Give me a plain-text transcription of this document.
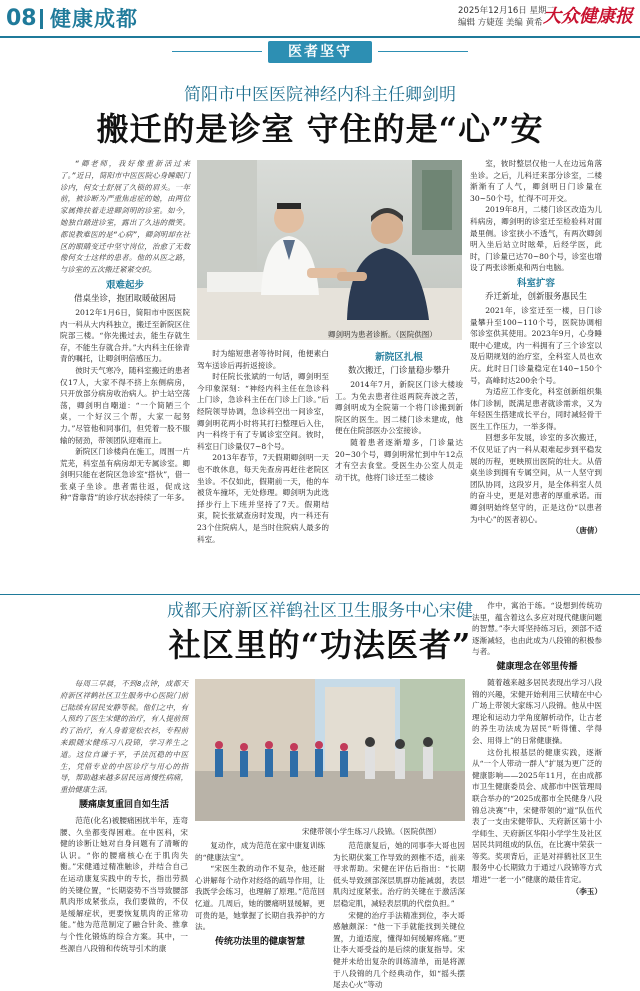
08 健康成都	2025年12月16日 星期二
编辑 方婕莲 美编 黄希 大众健康报
医者坚守
简阳市中医医院神经内科主任卿剑明
搬迁的是诊室 守住的是“心”安

“卿老师，我好像重新活过来了。”近日，简阳市中医医院心身睡眠门诊内，何女士舒展了久锁的眉头。一年前，被诊断为严重焦虑症的她，由两位家属搀扶着走进卿剑明的诊室。如今，她独自踏进诊室，露出了久违的微笑。都说教难医的是“心病”，卿剑明却在社区的眼睛变迁中坚守岗位，治愈了无数像何女士这样的患者。他的从医之路，与诊室的五次搬迁紧紧交织。

艰难起步

借桌坐诊，抱团取暖破困局

2012年1月6日，简阳市中医医院内一科从大内科独立，搬迁至新院区住院部三楼。“你先搬过去，能生存就生存，不能生存就合并。”大内科主任徐青青的嘱托，让卿剑明倍感压力。

彼时天气寒冷，随科室搬迁的患者仅17人，大家不得不挤上东侧病房，只开放部分病房收治病人。护士站空荡荡，卿剑明自嘲道：“一个简陋三个桌，一个好汉三个帮，大家一起努力。”尽管他和同事们，但凭着一股不服输的韧劲，带领团队迎难而上。

新院区门诊楼尚在施工，周围一片荒芜，科室虽有病房却无专属诊室。卿剑明只能在老院区急诊室“搭伙”，借一张桌子坐诊。患者需往返，促成这种“背靠背”的诊疗状态持续了一年多。

卿剑明为患者诊断。（医院供图）

时为缩短患者等待时间，他便素白驾车送诊后再折返接诊。

时任院长张斌的一句话，卿剑明至今印象深刻：“神经内科主任在急诊科上门诊，急诊科主任在门诊上门诊。”后经院领导协调，急诊科空出一间诊室，卿剑明花两小时将其打扫整理后入住，内一科终于有了专属诊室空间。彼时，科室日门诊量仅7~8个号。

2013年春节，7天假期卿剑明一天也不敢休息，每天先查房再赶往老院区坐诊。不仅如此，假期前一天，他的车被货车撞坏，无处修理。卿剑明为此选择步行上下班并坚持了7天。假期结束，院长张斌查房时发现，内一科还有23个住院病人，是当时住院病人最多的科室。

新院区扎根

数次搬迁，门诊量稳步攀升

2014年7月，新院区门诊大楼竣工。为免去患者往返两院奔波之苦，卿剑明成为全院第一个将门诊搬到新院区的医生。因二楼门诊未建成，他便在住院部医办公室接诊。

随着患者逐渐增多，门诊量达20~30个号，卿剑明常忙到中午12点才有空去食堂。受医生办公室人员走动干扰，他将门诊迁至二楼诊

室，彼时整层仅他一人在边远角落坐诊。之后，儿科迁来部分诊室，二楼渐渐有了人气，卿剑明日门诊量在30~50个号，忙得不可开交。

2019年8月，二楼门诊区改造为儿科病房，卿剑明的诊室迁至检验科对面最里侧。诊室狭小不透气，有两次卿剑明入坐后站立时眩晕，后经学医，此时，门诊量已达70~80个号，诊室也增设了两张诊断桌和两台电脑。

科室扩容

乔迁新址，创新服务惠民生

2021年，诊室迁至一楼，日门诊量攀升至100~110个号，医院协调相邻诊室供其使用。2023年9月，心身睡眠中心建成，内一科拥有了三个诊室以及后期规划的治疗室，全科室人员也欢庆。此时日门诊量稳定在140~150个号，高峰时达200余个号。

为适应工作变化，科室创新组织集体门诊制，既满足患者就诊需求，又为年轻医生搭建成长平台，同时减轻骨干医生工作压力，一举多得。

回想多年发展，诊室的多次搬迁，不仅见证了内一科从艰难起步到平稳发展的历程，更映照出医院的壮大。从借桌坐诊到拥有专属空间，从一人坚守到团队协同，这段岁月，是全体科室人员的奋斗史，更是对患者的厚重承诺。而卿剑明始终坚守的，正是这份“以患者为中心”的医者初心。

（唐倩）

成都天府新区祥鹤社区卫生服务中心宋健
社区里的“功法医者”

每周三早晨，不到8点钟，成都天府新区祥鹤社区卫生服务中心医院门前已陆续有居民安静等候。他们之中，有人预约了医生宋健的治疗，有人提前预约了治疗，有人身着宽松衣衫，专程前来跟随宋健练习八段锦，学习养生之道。这位自谦于平，手法沉稳的中医生，凭借专业的中医诊疗与用心的指导，帮助越来越多居民远离慢性病痛，重拾健康生活。

腰痛康复重回自如生活

范范(化名)被腰痛困扰半年，连弯腰、久坐都变得困难。在中医科，宋健的诊断让她对自身问题有了清晰的认识。“你的腰痛核心在于肌肉失衡。”宋健通过精准触诊，并结合自己在运动康复实践中的专长，指出劳损的关键位置，“长期姿势不当导致腰部肌肉形成紧张点，我们要做的，不仅是缓解症状，更要恢复肌肉的正常功能。”他为范范制定了融合针灸、推拿与个性化锻炼的综合方案。其中，一些源自八段锦和传统导引术的康

宋健带领小学生练习八段锦。（医院供图）

复动作，成为范范在家中康复训练的“健康法宝”。

“宋医生教的动作不复杂，他还耐心讲解每个动作对经络的疏导作用，让我既学会练习，也理解了原理。”范范回忆道。几周后，她的腰痛明显缓解，更可贵的是，她掌握了长期自我养护的方法。

传统功法里的健康智慧

范范康复后，她的同事李大哥也因为长期伏案工作导致的颈椎不适，前来寻求帮助。宋健在评估后指出：“长期低头导致颈部深层肌群功能减弱，表层肌肉过度紧张。治疗的关键在于激活深层稳定肌，减轻表层肌的代偿负担。”

宋健的治疗手法精准到位，李大哥感触颇深：“他一下手就能找到关键位置，力道适度，懂得如何缓解疼痛。”更让李大哥受益的是后续的康复指导。宋健并未给出复杂的训练清单，而是将源于八段锦的几个经典动作，如“摇头摆尾去心火”等动

作中，寓治于练。“设想到传统功法里，蕴含着这么多应对现代健康问题的智慧。”李大哥坚持练习后，颈部不适逐渐减轻，也由此成为八段锦的积极参与者。

健康理念在邻里传播

随着越来越多居民表现出学习八段锦的兴趣，宋健开始利用三伏晴在中心广场上带领大家练习八段锦。他从中医理论和运动力学角度解析动作，让古老的养生功法成为居民“听得懂、学得会、用得上”的日常健康操。

这份扎根基层的健康实践，逐渐从“一个人带动一群人”扩展为更广泛的健康影响——2025年11月，在由成都市卫生健康委员会、成都市中医管理局联合举办的“2025成都市全民健身八段锦总决赛”中，宋健带领的“道”队伍代表了一支由宋健带队、天府新区第十小学师生、天府新区华阳小学学生及社区居民共同组成的队伍，在比赛中荣获一等奖。奖项背后，正是对祥鹤社区卫生服务中心长期致力于通过八段锦等方式增进“一老一小”健康的最佳肯定。

（李玉）
